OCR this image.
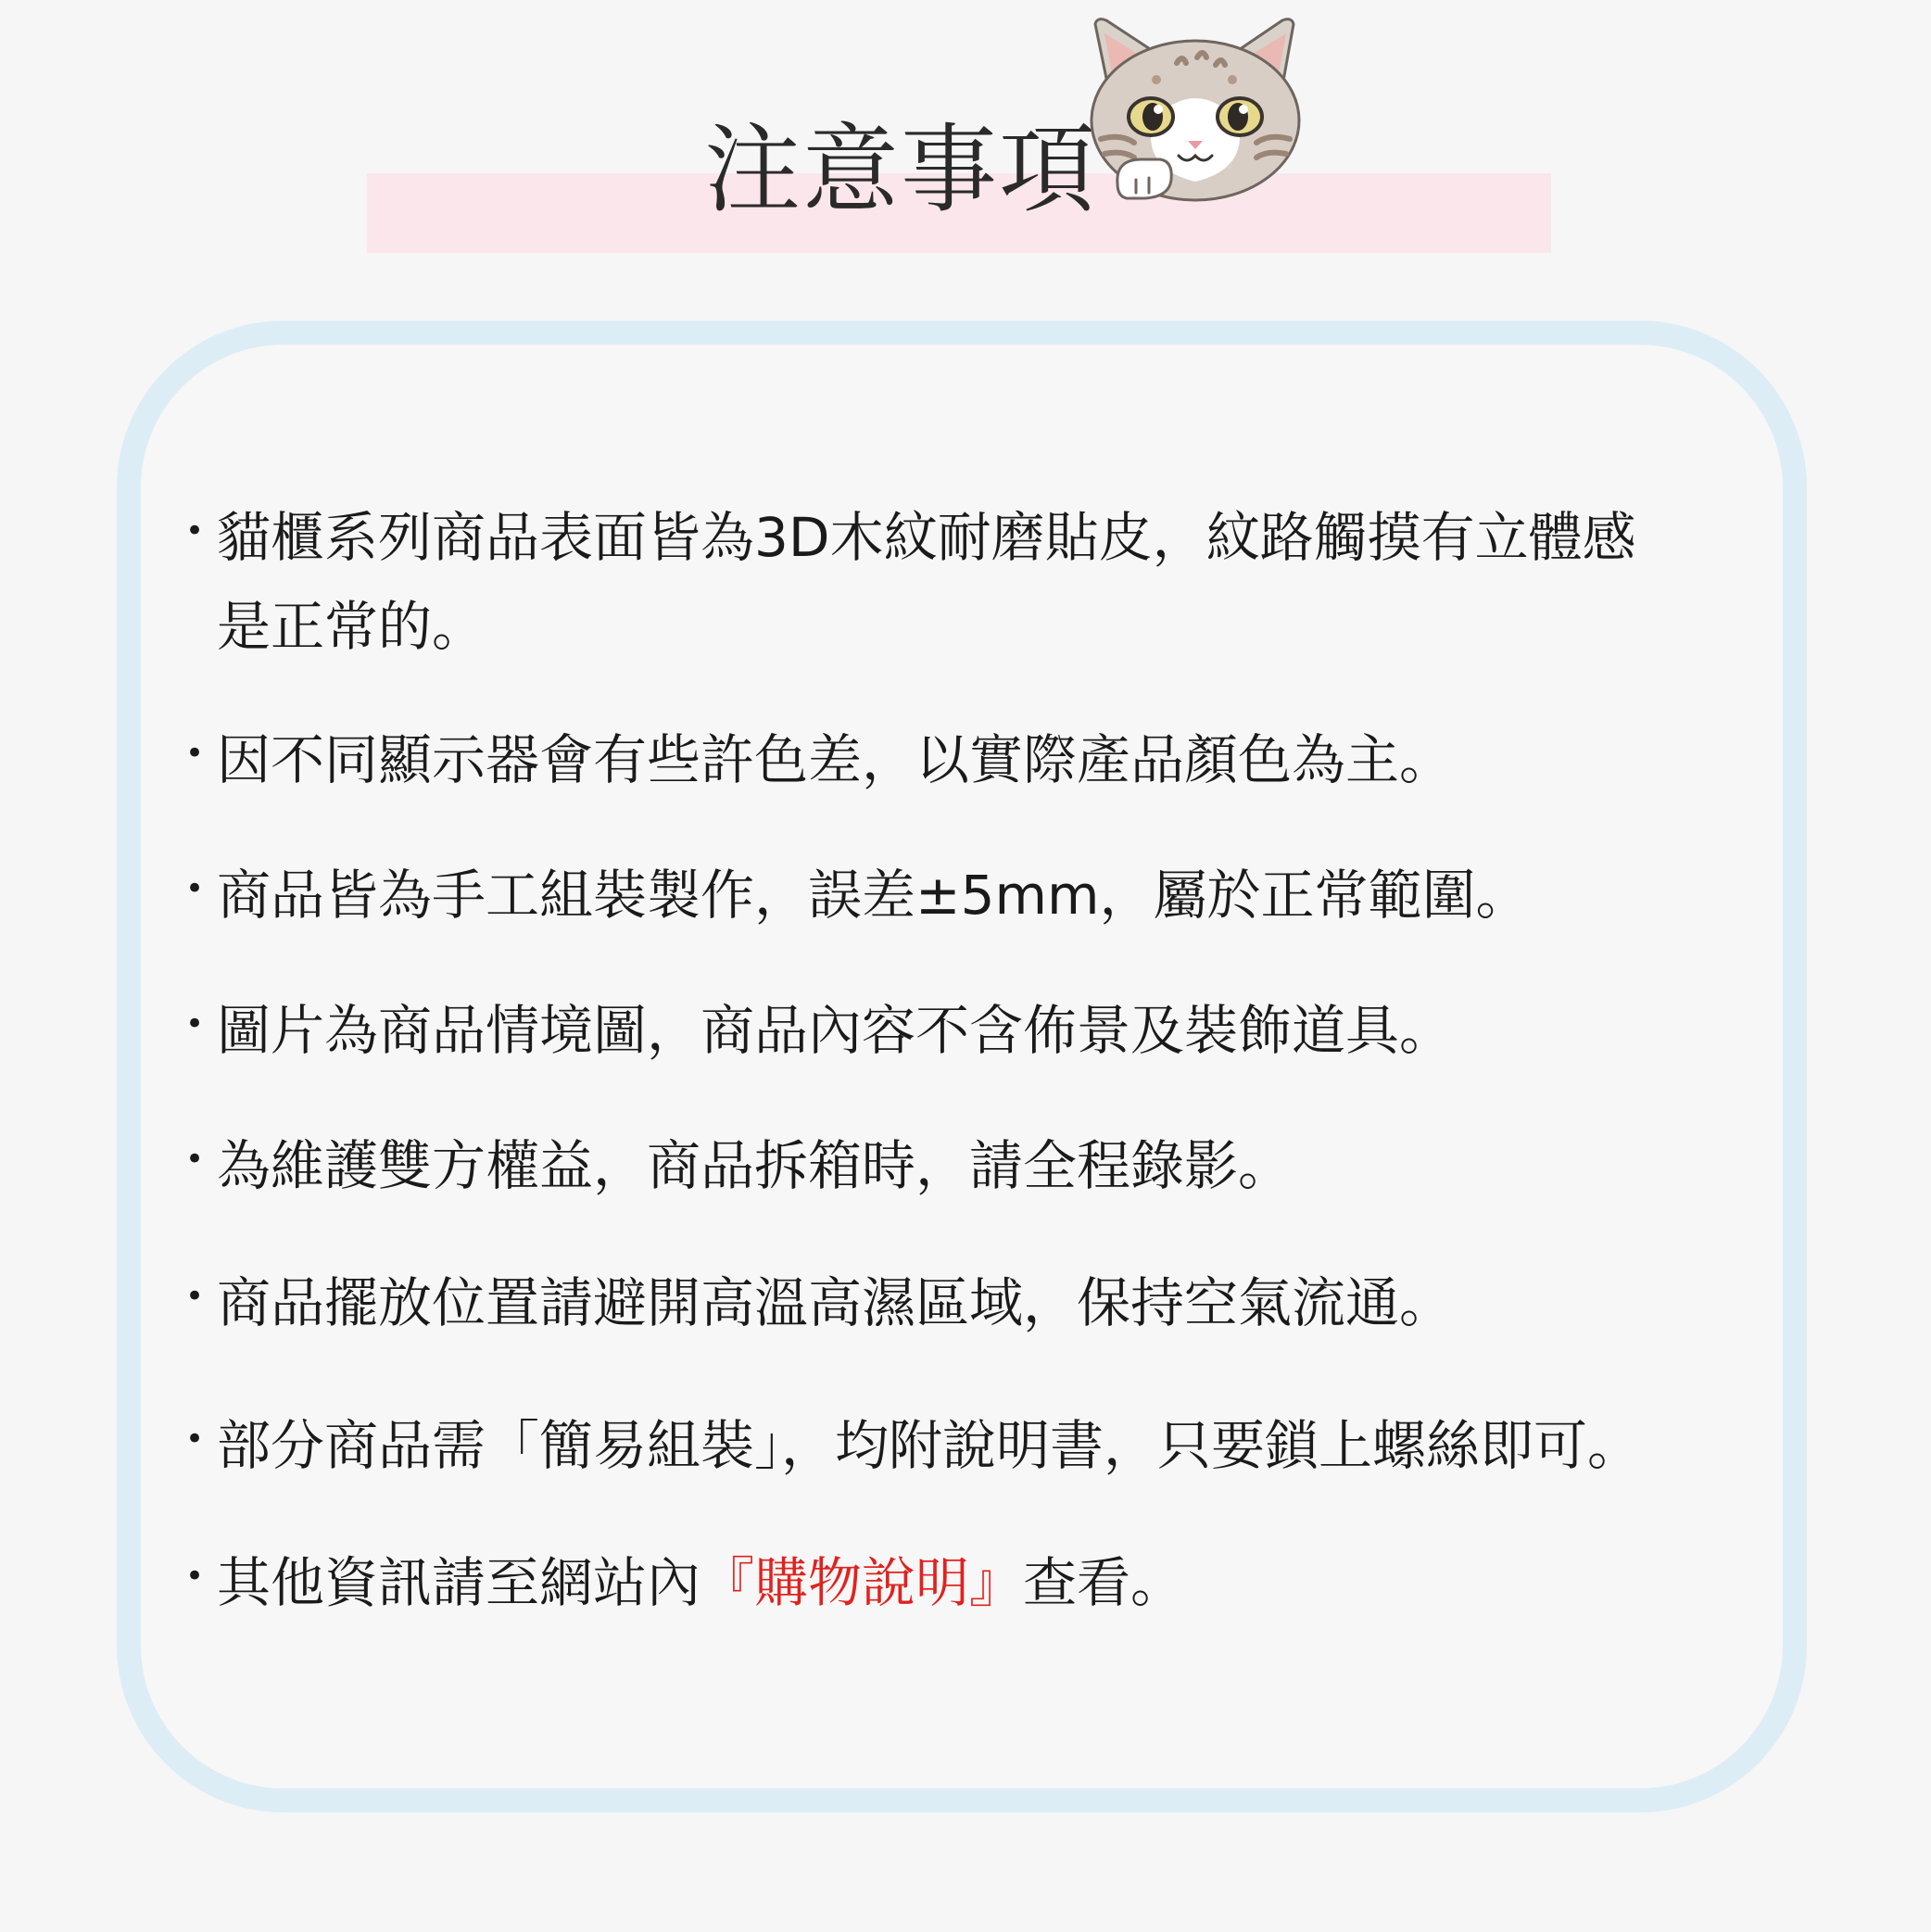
注意事項
• 貓櫃系列商品表面皆為3D木紋耐磨貼皮，紋路觸摸有立體感
是正常的。
• 因不同顯示器會有些許色差，以實際產品顏色為主。
• 商品皆為手工組裝製作，誤差±5mm，屬於正常範圍。
• 圖片為商品情境圖，商品內容不含佈景及裝飾道具。
• 為維護雙方權益，商品拆箱時，請全程錄影。
• 商品擺放位置請避開高溫高濕區域，保持空氣流通。
• 部分商品需「簡易組裝」，均附說明書，只要鎖上螺絲即可。
• 其他資訊請至網站內『購物說明』查看。
